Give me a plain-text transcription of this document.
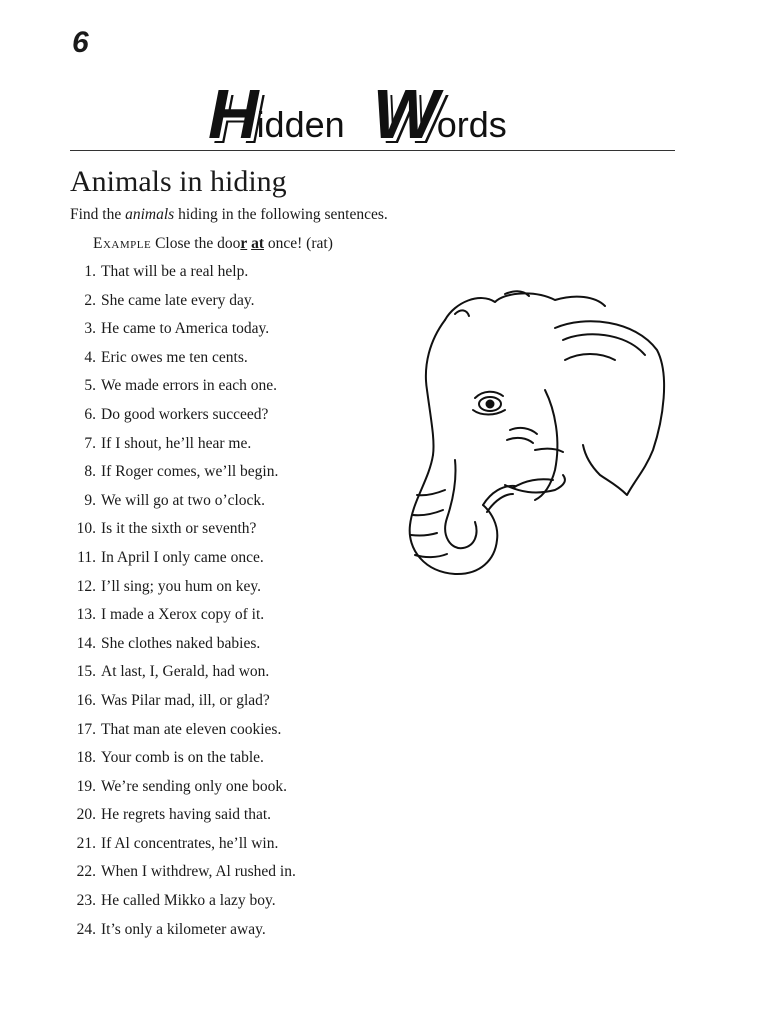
6
H idden W ords
Animals in hiding
Find the animals hiding in the following sentences.
Example Close the door at once! (rat)
1. That will be a real help.
2. She came late every day.
3. He came to America today.
4. Eric owes me ten cents.
5. We made errors in each one.
6. Do good workers succeed?
7. If I shout, he’ll hear me.
8. If Roger comes, we’ll begin.
9. We will go at two o’clock.
10. Is it the sixth or seventh?
11. In April I only came once.
12. I’ll sing; you hum on key.
13. I made a Xerox copy of it.
14. She clothes naked babies.
15. At last, I, Gerald, had won.
16. Was Pilar mad, ill, or glad?
17. That man ate eleven cookies.
18. Your comb is on the table.
19. We’re sending only one book.
20. He regrets having said that.
21. If Al concentrates, he’ll win.
22. When I withdrew, Al rushed in.
23. He called Mikko a lazy boy.
24. It’s only a kilometer away.
